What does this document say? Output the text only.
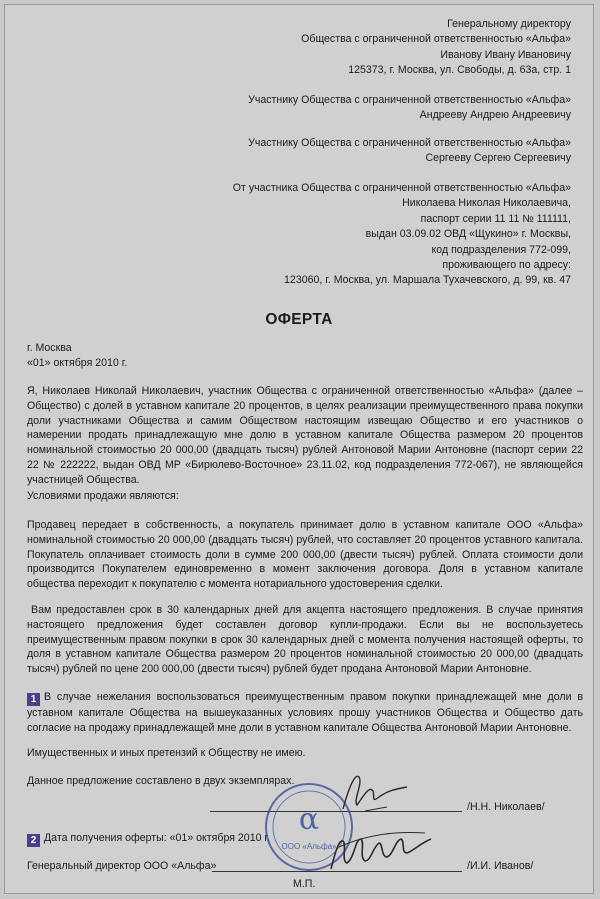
Генеральному директору
Общества с ограниченной ответственностью «Альфа»
Иванову Ивану Ивановичу
125373, г. Москва, ул. Свободы, д. 63а, стр. 1
Участнику Общества с ограниченной ответственностью «Альфа»
Андрееву Андрею Андреевичу
Участнику Общества с ограниченной ответственностью «Альфа»
Сергееву Сергею Сергеевичу
От участника Общества с ограниченной ответственностью «Альфа»
Николаева Николая Николаевича,
паспорт серии 11 11 № 111111,
выдан 03.09.02 ОВД «Щукино» г. Москвы,
код подразделения 772-099,
проживающего по адресу:
123060, г. Москва, ул. Маршала Тухачевского, д. 99, кв. 47
ОФЕРТА
г. Москва
«01» октября 2010 г.
Я, Николаев Николай Николаевич, участник Общества с ограниченной ответственностью «Альфа» (далее – Общество) с долей в уставном капитале 20 процентов, в целях реализации преимущественного права покупки доли участниками Общества и самим Обществом настоящим извещаю Общество и его участников о намерении продать принадлежащую мне долю в уставном капитале Общества размером 20 процентов номинальной стоимостью 20 000,00 (двадцать тысяч) рублей Антоновой Марии Антоновне (паспорт серии 22 22 № 222222, выдан ОВД МР «Бирюлево-Восточное» 23.11.02, код подразделения 772-067), не являющейся участницей Общества.
Условиями продажи являются:
Продавец передает в собственность, а покупатель принимает долю в уставном капитале ООО «Альфа» номинальной стоимостью 20 000,00 (двадцать тысяч) рублей, что составляет 20 процентов уставного капитала. Покупатель оплачивает стоимость доли в сумме 200 000,00 (двести тысяч) рублей. Оплата стоимости доли производится Покупателем единовременно в момент заключения договора. Доля в уставном капитале общества переходит к покупателю с момента нотариального удостоверения сделки.
Вам предоставлен срок в 30 календарных дней для акцепта настоящего предложения. В случае принятия настоящего предложения будет составлен договор купли-продажи. Если вы не воспользуетесь преимущественным правом покупки в срок 30 календарных дней с момента получения настоящей оферты, то доля в уставном капитале Общества размером 20 процентов номинальной стоимостью 20 000,00 (двадцать тысяч) рублей по цене 200 000,00 (двести тысяч) рублей будет продана Антоновой Марии Антоновне.
1 В случае нежелания воспользоваться преимущественным правом покупки принадлежащей мне доли в уставном капитале Общества на вышеуказанных условиях прошу участников Общества и Общество дать согласие на продажу принадлежащей мне доли в уставном капитале Общества Антоновой Марии Антоновне.
Имущественных и иных претензий к Обществу не имею.
Данное предложение составлено в двух экземплярах.
/Н.Н. Николаев/
2 Дата получения оферты: «01» октября 2010 г.
Генеральный директор ООО «Альфа»	/И.И. Иванов/
М.П.
α
ООО «Альфа»
